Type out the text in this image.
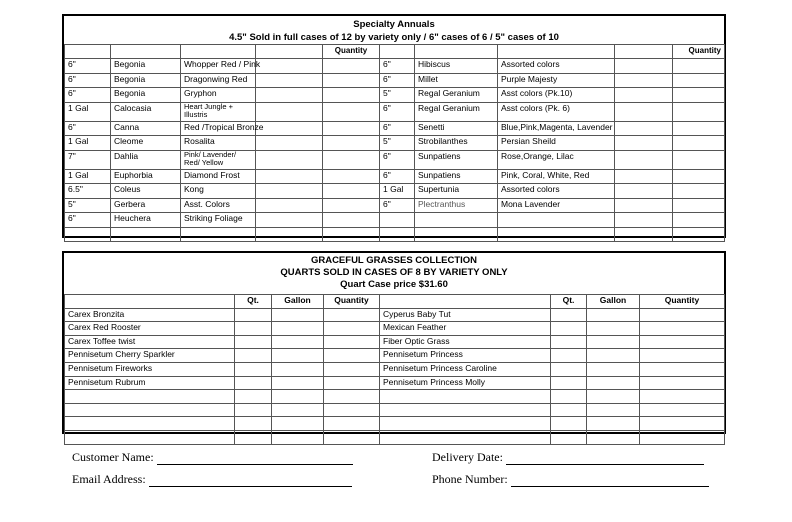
Specialty Annuals
4.5" Sold in full cases of 12 by variety only / 6" cases of 6 / 5" cases of 10
				Quantity					Quantity
6"	Begonia	Whopper Red / Pink			6"	Hibiscus	Assorted colors		
6"	Begonia	Dragonwing Red			6"	Millet	Purple Majesty		
6"	Begonia	Gryphon			5"	Regal Geranium	Asst colors (Pk.10)		
1 Gal	Calocasia	Heart Jungle + Illustris			6"	Regal Geranium	Asst colors (Pk. 6)		
6"	Canna	Red /Tropical Bronze			6"	Senetti	Blue,Pink,Magenta, Lavender		
1 Gal	Cleome	Rosalita			5"	Strobilanthes	Persian Sheild		
7"	Dahlia	Pink/ Lavender/ Red/ Yellow			6"	Sunpatiens	Rose,Orange, Lilac		
1 Gal	Euphorbia	Diamond Frost			6"	Sunpatiens	Pink, Coral, White, Red		
6.5"	Coleus	Kong			1 Gal	Supertunia	Assorted colors		
5"	Gerbera	Asst. Colors			6"	Plectranthus	Mona Lavender		
6"	Heuchera	Striking Foliage							

GRACEFUL GRASSES COLLECTION
QUARTS SOLD IN CASES OF 8 BY VARIETY ONLY
Quart Case price $31.60
	Qt.	Gallon	Quantity		Qt.	Gallon	Quantity
Carex Bronzita				Cyperus Baby Tut			
Carex Red Rooster				Mexican Feather			
Carex Toffee twist				Fiber Optic Grass			
Pennisetum Cherry Sparkler				Pennisetum Princess			
Pennisetum Fireworks				Pennisetum Princess Caroline			
Pennisetum Rubrum				Pennisetum Princess Molly			

Customer Name:
Email Address:
Delivery Date:
Phone Number:
